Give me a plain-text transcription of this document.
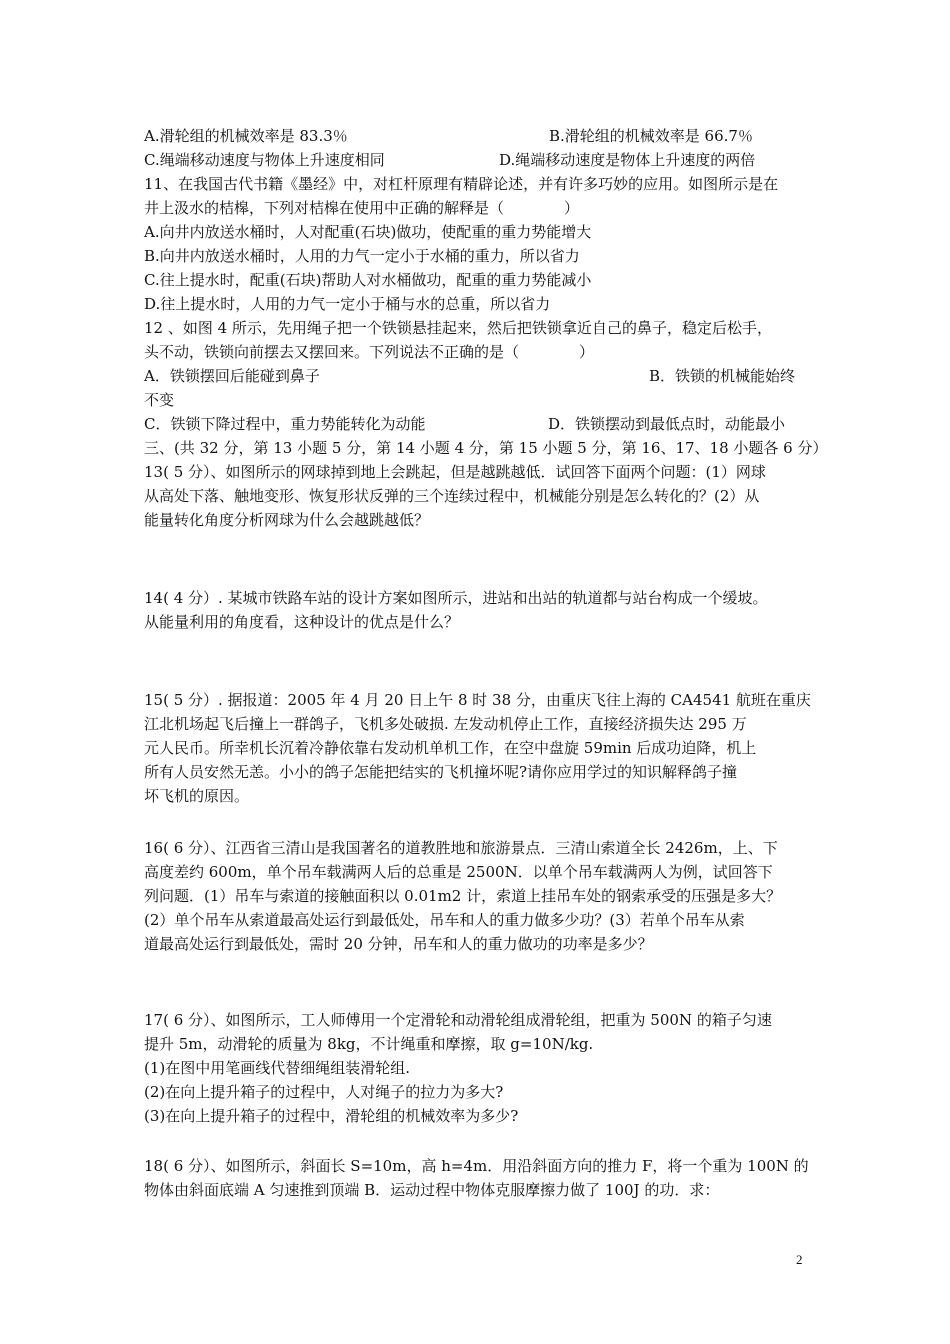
A.滑轮组的机械效率是 83.3％	B.滑轮组的机械效率是 66.7％
C.绳端移动速度与物体上升速度相同	D.绳端移动速度是物体上升速度的两倍
11、在我国古代书籍《墨经》中，对杠杆原理有精辟论述，并有许多巧妙的应用。如图所示是在
井上汲水的桔槔，下列对桔槔在使用中正确的解释是（　　　　）
A.向井内放送水桶时，人对配重(石块)做功，使配重的重力势能增大
B.向井内放送水桶时，人用的力气一定小于水桶的重力，所以省力
C.往上提水时，配重(石块)帮助人对水桶做功，配重的重力势能减小
D.往上提水时，人用的力气一定小于桶与水的总重，所以省力
12 、如图 4 所示，先用绳子把一个铁锁悬挂起来，然后把铁锁拿近自己的鼻子，稳定后松手，
头不动，铁锁向前摆去又摆回来。下列说法不正确的是（　　　　）
A．铁锁摆回后能碰到鼻子	B．铁锁的机械能始终
不变
C．铁锁下降过程中，重力势能转化为动能	D．铁锁摆动到最低点时，动能最小
三、(共 32 分，第 13 小题 5 分，第 14 小题 4 分，第 15 小题 5 分，第 16、17、18 小题各 6 分）
13( 5 分）、如图所示的网球掉到地上会跳起，但是越跳越低．试回答下面两个问题：(1）网球
从高处下落、触地变形、恢复形状反弹的三个连续过程中，机械能分别是怎么转化的？(2）从
能量转化角度分析网球为什么会越跳越低？
14( 4 分）. 某城市铁路车站的设计方案如图所示，进站和出站的轨道都与站台构成一个缓坡。
从能量利用的角度看，这种设计的优点是什么？
15( 5 分）. 据报道：2005 年 4 月 20 日上午 8 时 38 分，由重庆飞往上海的 CA4541 航班在重庆
江北机场起飞后撞上一群鸽子，飞机多处破损. 左发动机停止工作，直接经济损失达 295 万
元人民币。所幸机长沉着冷静依靠右发动机单机工作，在空中盘旋 59min 后成功迫降，机上
所有人员安然无恙。小小的鸽子怎能把结实的飞机撞坏呢?请你应用学过的知识解释鸽子撞
坏飞机的原因。
16( 6 分）、江西省三清山是我国著名的道教胜地和旅游景点．三清山索道全长 2426m，上、下
高度差约 600m，单个吊车载满两人后的总重是 2500N．以单个吊车载满两人为例，试回答下
列问题．(1）吊车与索道的接触面积以 0.01m2 计，索道上挂吊车处的钢索承受的压强是多大？
(2）单个吊车从索道最高处运行到最低处，吊车和人的重力做多少功？(3）若单个吊车从索
道最高处运行到最低处，需时 20 分钟，吊车和人的重力做功的功率是多少？
17( 6 分）、如图所示，工人师傅用一个定滑轮和动滑轮组成滑轮组，把重为 500N 的箱子匀速
提升 5m，动滑轮的质量为 8kg，不计绳重和摩擦，取 g=10N/kg.
(1)在图中用笔画线代替细绳组装滑轮组.
(2)在向上提升箱子的过程中，人对绳子的拉力为多大?
(3)在向上提升箱子的过程中，滑轮组的机械效率为多少?
18( 6 分）、如图所示，斜面长 S=10m，高 h=4m．用沿斜面方向的推力 F，将一个重为 100N 的
物体由斜面底端 A 匀速推到顶端 B．运动过程中物体克服摩擦力做了 100J 的功．求：
2
